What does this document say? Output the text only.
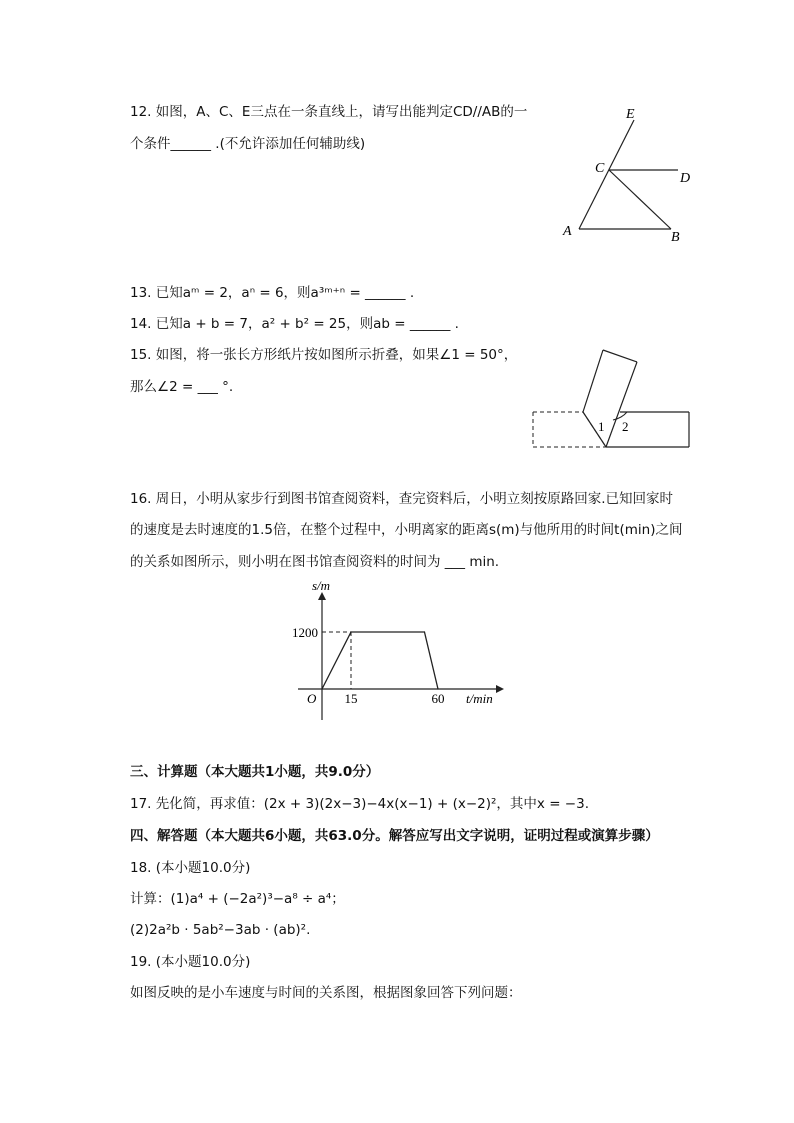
12. 如图，A、C、E三点在一条直线上，请写出能判定CD//AB的一
个条件______ .(不允许添加任何辅助线)
E
C
D
A	B
13. 已知aᵐ = 2，aⁿ = 6，则a³ᵐ⁺ⁿ = ______ .
14. 已知a + b = 7，a² + b² = 25，则ab = ______ .
15. 如图，将一张长方形纸片按如图所示折叠，如果∠1 = 50°，
那么∠2 = ___ °.
1 2
16. 周日，小明从家步行到图书馆查阅资料，查完资料后，小明立刻按原路回家.已知回家时
的速度是去时速度的1.5倍，在整个过程中，小明离家的距离s(m)与他所用的时间t(min)之间
的关系如图所示，则小明在图书馆查阅资料的时间为 ___ min.
s/m
t/min
O 15	60
1200
三、计算题（本大题共1小题，共9.0分）
17. 先化简，再求值：(2x + 3)(2x−3)−4x(x−1) + (x−2)²，其中x = −3.
四、解答题（本大题共6小题，共63.0分。解答应写出文字说明，证明过程或演算步骤）
18. (本小题10.0分)
计算：(1)a⁴ + (−2a²)³−a⁸ ÷ a⁴；
(2)2a²b · 5ab²−3ab · (ab)².
19. (本小题10.0分)
如图反映的是小车速度与时间的关系图，根据图象回答下列问题：
